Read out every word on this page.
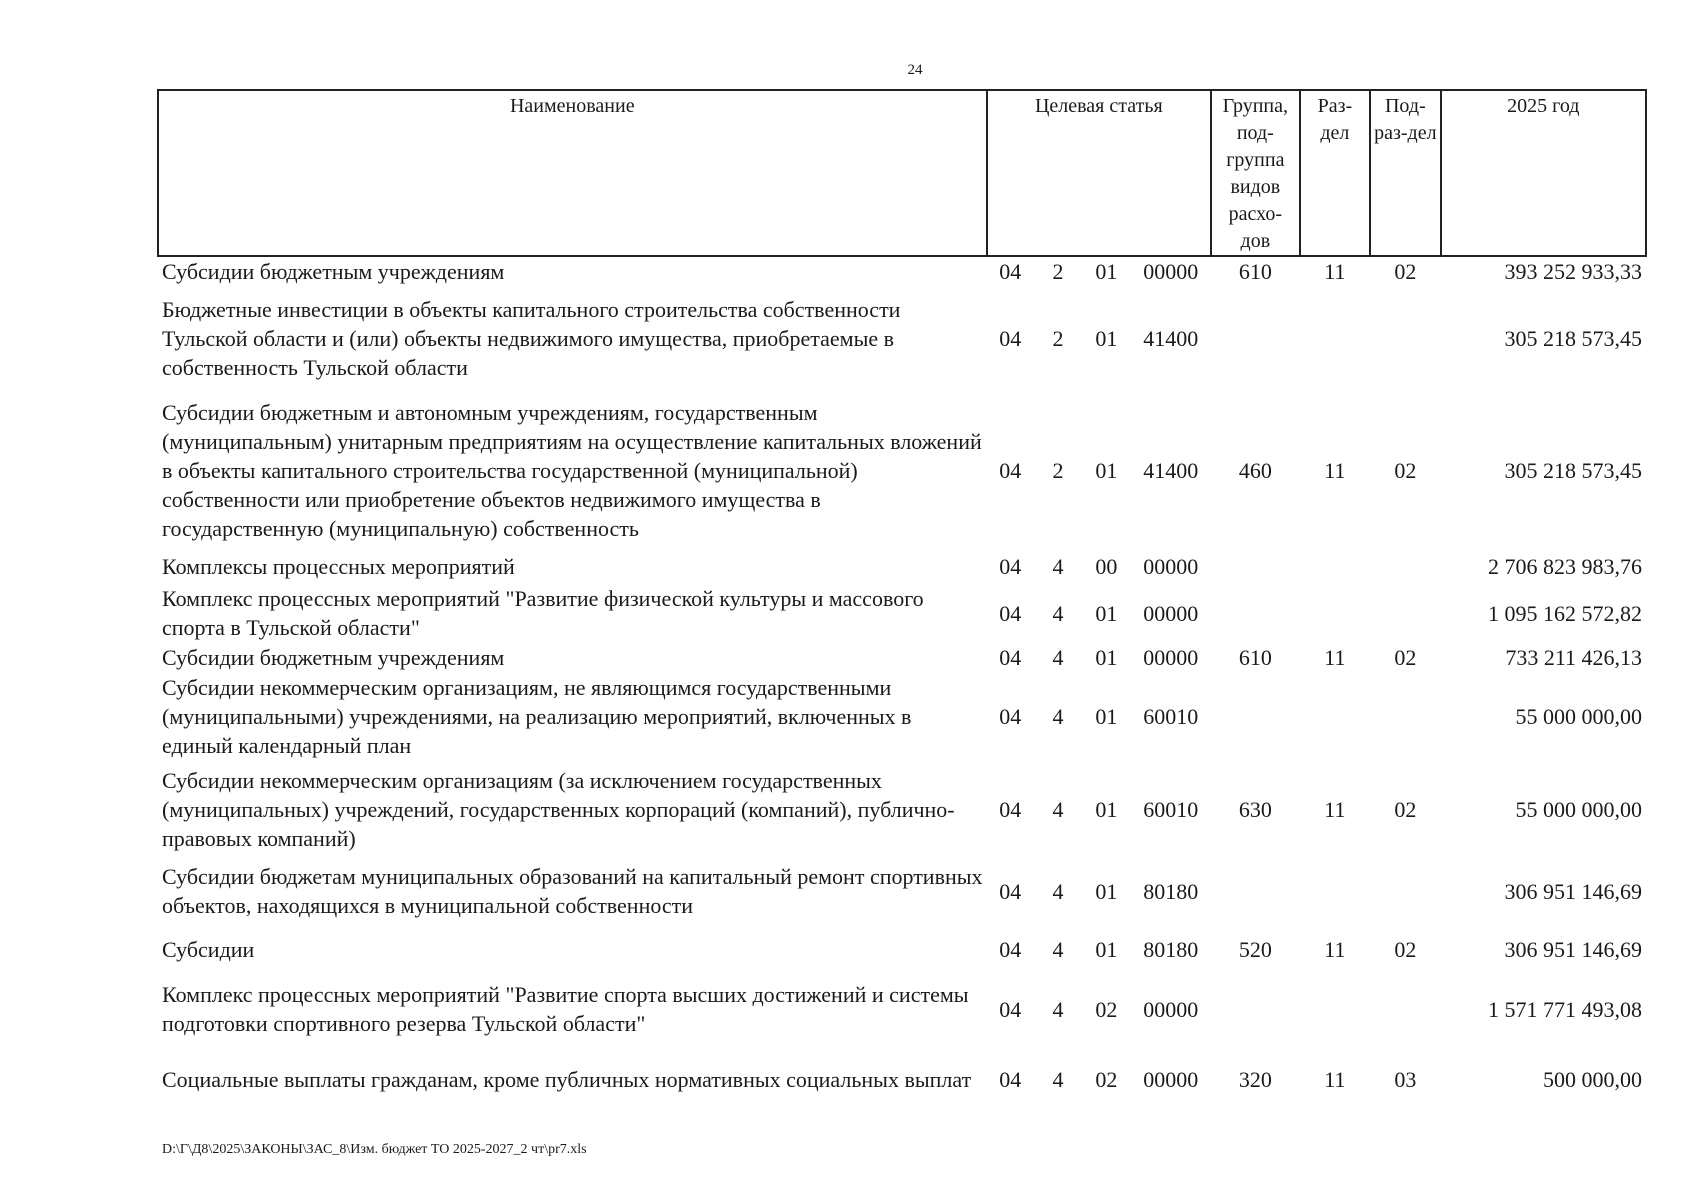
24
Наименование	Целевая статья				Группа, под-группа видов расхо-дов	Раз-дел	Под-раз-дел	2025 год
Субсидии бюджетным учреждениям	04	2	01	00000	610	11	02	393 252 933,33
Бюджетные инвестиции в объекты капитального строительства собственности Тульской области и (или) объекты недвижимого имущества, приобретаемые в собственность Тульской области	04	2	01	41400				305 218 573,45
Субсидии бюджетным и автономным учреждениям, государственным (муниципальным) унитарным предприятиям на осуществление капитальных вложений в объекты капитального строительства государственной (муниципальной) собственности или приобретение объектов недвижимого имущества в государственную (муниципальную) собственность	04	2	01	41400	460	11	02	305 218 573,45
Комплексы процессных мероприятий	04	4	00	00000				2 706 823 983,76
Комплекс процессных мероприятий "Развитие физической культуры и массового спорта в Тульской области"	04	4	01	00000				1 095 162 572,82
Субсидии бюджетным учреждениям	04	4	01	00000	610	11	02	733 211 426,13
Субсидии некоммерческим организациям, не являющимся государственными (муниципальными) учреждениями, на реализацию мероприятий, включенных в единый календарный план	04	4	01	60010				55 000 000,00
Субсидии некоммерческим организациям (за исключением государственных (муниципальных) учреждений, государственных корпораций (компаний), публично-правовых компаний)	04	4	01	60010	630	11	02	55 000 000,00
Субсидии бюджетам муниципальных образований на капитальный ремонт спортивных объектов, находящихся в муниципальной собственности	04	4	01	80180				306 951 146,69
Субсидии	04	4	01	80180	520	11	02	306 951 146,69
Комплекс процессных мероприятий "Развитие спорта высших достижений и системы подготовки спортивного резерва Тульской области"	04	4	02	00000				1 571 771 493,08
Социальные выплаты гражданам, кроме публичных нормативных социальных выплат	04	4	02	00000	320	11	03	500 000,00
D:\Г\Д8\2025\ЗАКОНЫ\ЗАС_8\Изм. бюджет ТО 2025-2027_2 чт\pr7.xls
